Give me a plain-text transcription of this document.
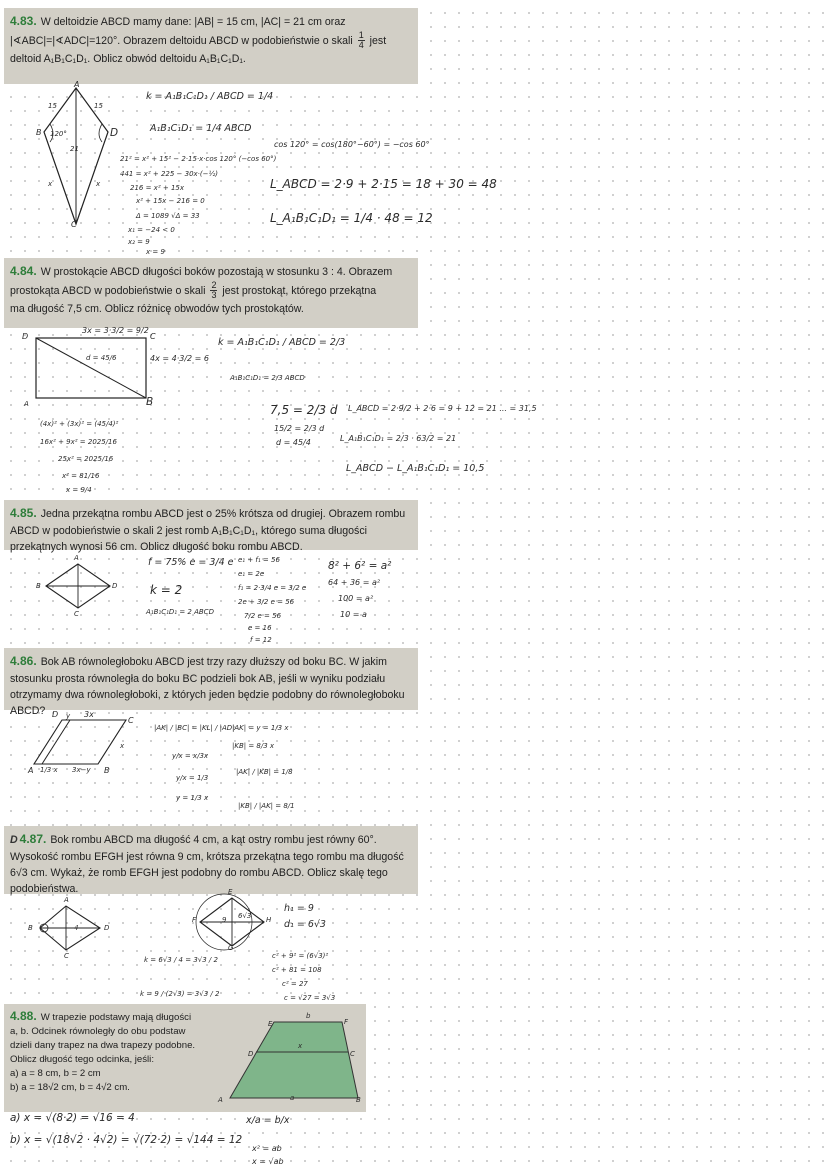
4.83. W deltoidzie ABCD mamy dane: |AB| = 15 cm, |AC| = 21 cm oraz
|∢ABC|=|∢ADC|=120°. Obrazem deltoidu ABCD w podobieństwie o skali $\frac{1}{4}$ jest
deltoid A₁B₁C₁D₁. Oblicz obwód deltoidu A₁B₁C₁D₁.
A
B
C
D
15	15
x	x
120°
21
k = A₁B₁C₁D₁ / ABCD = 1/4
A₁B₁C₁D₁ = 1/4 ABCD
cos 120° = cos(180°−60°) = −cos 60°
21² = x² + 15² − 2·15·x·cos 120° (−cos 60°)
441 = x² + 225 − 30x·(−½)
216 = x² + 15x
x² + 15x − 216 = 0
Δ = 1089 √Δ = 33
x₁ = −24 < 0
x₂ = 9
x = 9
L_ABCD = 2·9 + 2·15 = 18 + 30 = 48
L_A₁B₁C₁D₁ = 1/4 · 48 = 12
4.84. W prostokącie ABCD długości boków pozostają w stosunku 3 : 4. Obrazem
prostokąta ABCD w podobieństwie o skali $\frac{2}{3}$ jest prostokąt, którego przekątna
ma długość 7,5 cm. Oblicz różnicę obwodów tych prostokątów.
D	C
A	B
3x = 3·3/2 = 9/2
4x = 4·3/2 = 6
d = 45/6
k = A₁B₁C₁D₁ / ABCD = 2/3
A₁B₁C₁D₁ = 2/3 ABCD
7,5 = 2/3 d
15/2 = 2/3 d
d = 45/4
L_ABCD = 2·9/2 + 2·6 = 9 + 12 = 21 ... = 31,5
L_A₁B₁C₁D₁ = 2/3 · 63/2 = 21
L_ABCD − L_A₁B₁C₁D₁ = 10,5
(4x)² + (3x)² = (45/4)²
16x² + 9x² = 2025/16
25x² = 2025/16
x² = 81/16
x = 9/4
4.85. Jedna przekątna rombu ABCD jest o 25% krótsza od drugiej. Obrazem rombu ABCD w podobieństwie o skali 2 jest romb A₁B₁C₁D₁, którego suma długości przekątnych wynosi 56 cm. Oblicz długość boku rombu ABCD.
A
B
C
D
f = 75% e = 3/4 e
k = 2
A₁B₁C₁D₁ = 2 ABCD
e₁ + f₁ = 56
e₁ = 2e
f₁ = 2·3/4 e = 3/2 e
2e + 3/2 e = 56
7/2 e = 56
e = 16
f = 12
8² + 6² = a²
64 + 36 = a²
100 = a²
10 = a
4.86. Bok AB równoległoboku ABCD jest trzy razy dłuższy od boku BC. W jakim stosunku prosta równoległa do boku BC podzieli bok AB, jeśli w wyniku podziału otrzymamy dwa równoległoboki, z których jeden będzie podobny do równoległoboku ABCD? D
C
A	B
3x
x
y
3x−y
1/3 x
|AK| / |BC| = |KL| / |AD|
y/x = x/3x
y/x = 1/3
y = 1/3 x
|AK| = y = 1/3 x
|KB| = 8/3 x
|AK| / |KB| = 1/8
|KB| / |AK| = 8/1
D 4.87. Bok rombu ABCD ma długość 4 cm, a kąt ostry rombu jest równy 60°. Wysokość rombu EFGH jest równa 9 cm, krótsza przekątna tego rombu ma długość 6√3 cm. Wykaż, że romb EFGH jest podobny do rombu ABCD. Oblicz skalę tego podobieństwa.
A
B
C
D
4
E
F
G
H
9 6√3
h₁ = 9
d₁ = 6√3
k = 6√3 / 4 = 3√3 / 2
k = 9 / (2√3) = 3√3 / 2
c² + 9² = (6√3)²
c² + 81 = 108
c² = 27
c = √27 = 3√3
4.88. W trapezie podstawy mają długości a, b. Odcinek równoległy do obu podstaw dzieli dany trapez na dwa trapezy podobne. Oblicz długość tego odcinka, jeśli:
a) a = 8 cm, b = 2 cm
b) a = 18√2 cm, b = 4√2 cm.
E	F
D	C
A	B
b
x
a
a) x = √(8·2) = √16 = 4
b) x = √(18√2 · 4√2) = √(72·2) = √144 = 12
x/a = b/x
x² = ab
x = √ab
